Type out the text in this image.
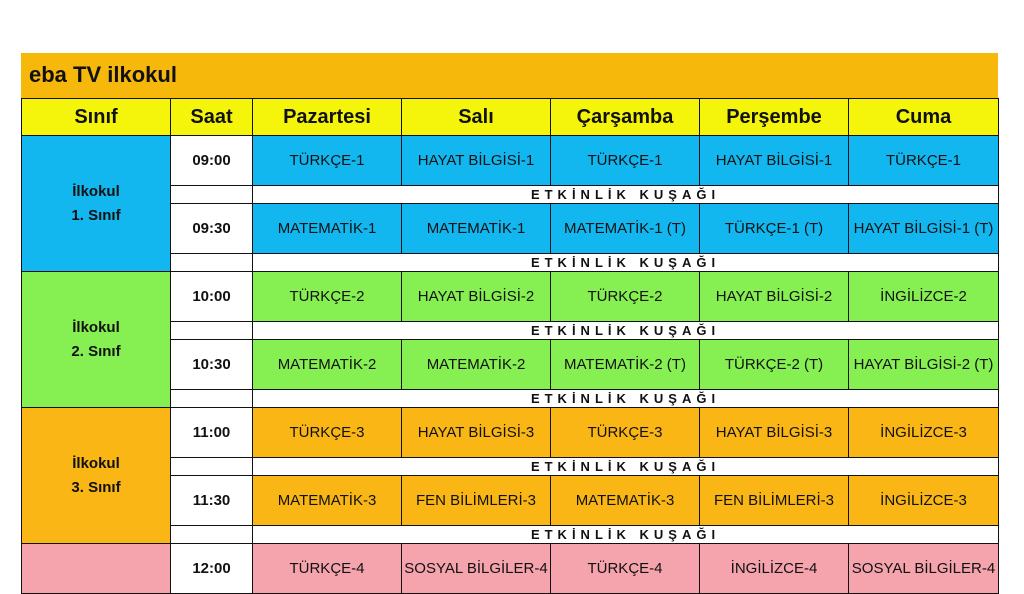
eba TV ilkokul
Sınıf	Saat	Pazartesi	Salı	Çarşamba	Perşembe	Cuma

İlkokul
1. Sınıf	09:00	TÜRKÇE-1	HAYAT BİLGİSİ-1	TÜRKÇE-1	HAYAT BİLGİSİ-1	TÜRKÇE-1
		ETKİNLİK KUŞAĞI				
	09:30	MATEMATİK-1	MATEMATİK-1	MATEMATİK-1 (T)	TÜRKÇE-1 (T)	HAYAT BİLGİSİ-1 (T)
		ETKİNLİK KUŞAĞI				

İlkokul
2. Sınıf	10:00	TÜRKÇE-2	HAYAT BİLGİSİ-2	TÜRKÇE-2	HAYAT BİLGİSİ-2	İNGİLİZCE-2
		ETKİNLİK KUŞAĞI				
	10:30	MATEMATİK-2	MATEMATİK-2	MATEMATİK-2 (T)	TÜRKÇE-2 (T)	HAYAT BİLGİSİ-2 (T)
		ETKİNLİK KUŞAĞI				

İlkokul
3. Sınıf	11:00	TÜRKÇE-3	HAYAT BİLGİSİ-3	TÜRKÇE-3	HAYAT BİLGİSİ-3	İNGİLİZCE-3
		ETKİNLİK KUŞAĞI				
	11:30	MATEMATİK-3	FEN BİLİMLERİ-3	MATEMATİK-3	FEN BİLİMLERİ-3	İNGİLİZCE-3
		ETKİNLİK KUŞAĞI				

	12:00	TÜRKÇE-4	SOSYAL BİLGİLER-4	TÜRKÇE-4	İNGİLİZCE-4	SOSYAL BİLGİLER-4
